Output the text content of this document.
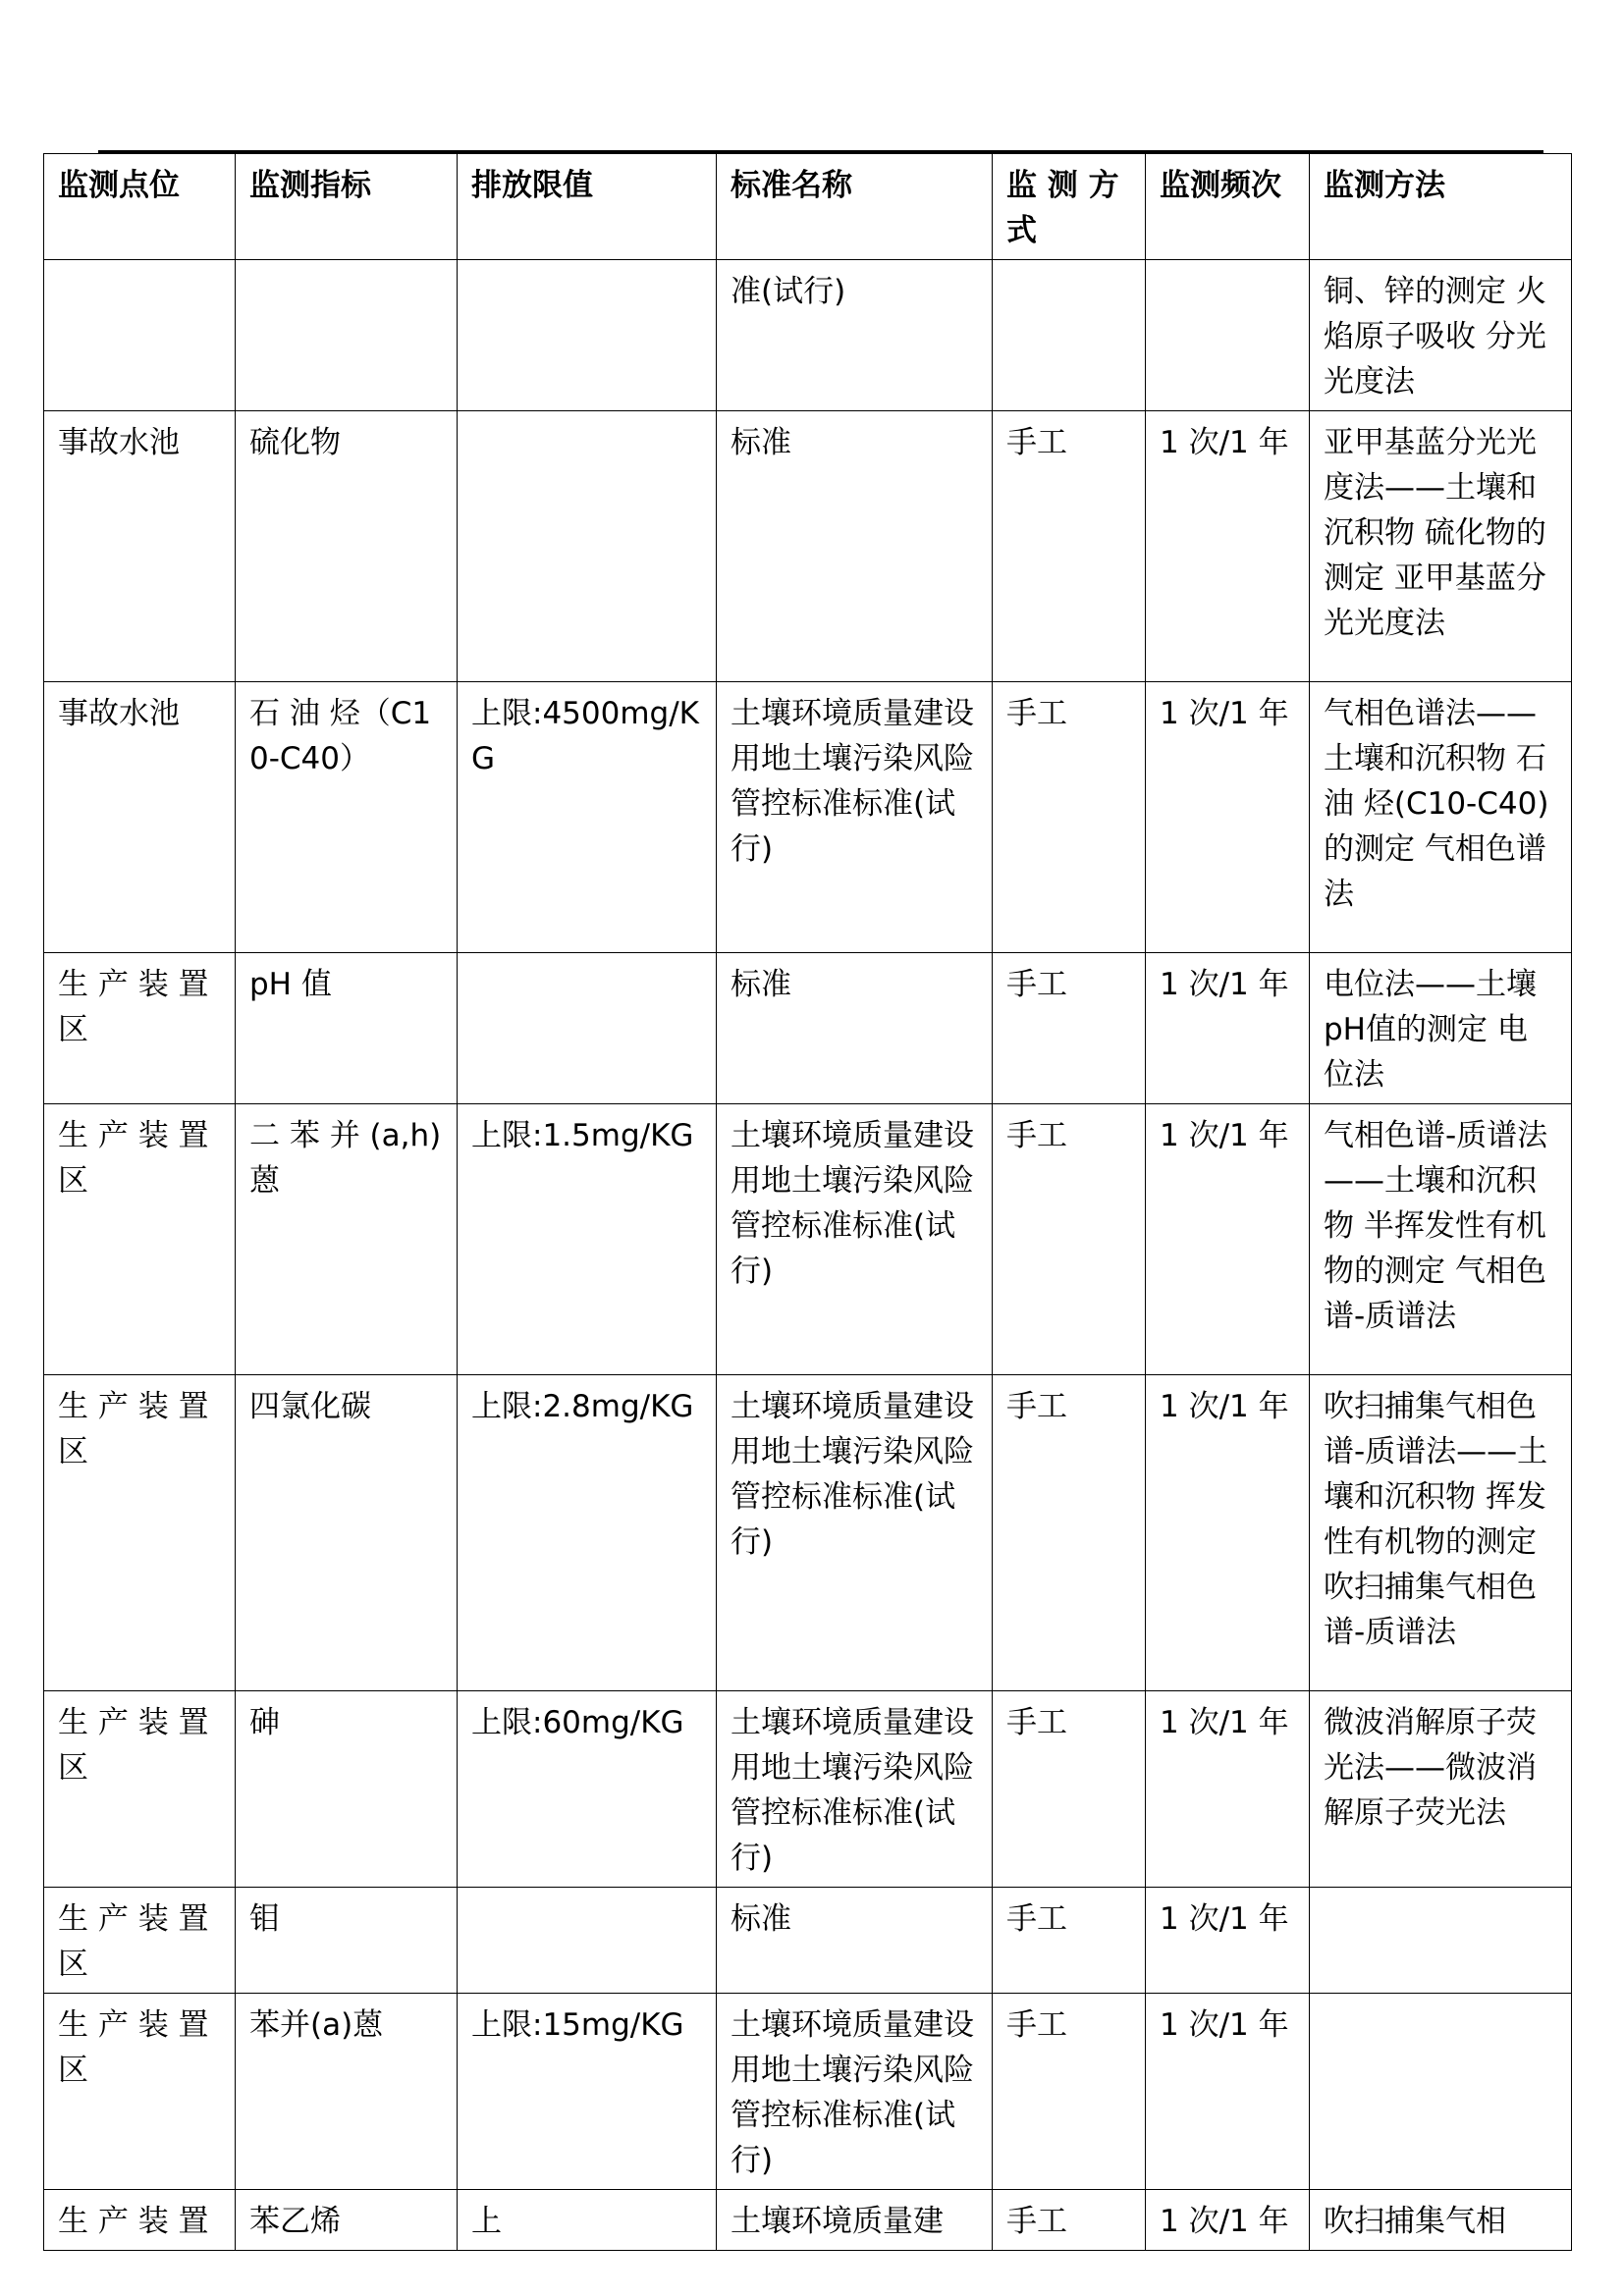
监测点位	监测指标	排放限值	标准名称	监 测 方式	监测频次	监测方法
			准(试行)			铜、锌的测定 火焰原子吸收 分光光度法
事故水池	硫化物		标准	手工	1 次/1 年	亚甲基蓝分光光度法——土壤和沉积物 硫化物的测定 亚甲基蓝分光光度法
事故水池	石 油 烃（C10-C40）	上限:4500mg/KG	土壤环境质量建设用地土壤污染风险管控标准标准(试行)	手工	1 次/1 年	气相色谱法——土壤和沉积物 石 油 烃(C10-C40) 的测定 气相色谱法
生 产 装 置区	pH 值		标准	手工	1 次/1 年	电位法——土壤 pH值的测定 电位法
生 产 装 置区	二 苯 并 (a,h)蒽	上限:1.5mg/KG	土壤环境质量建设用地土壤污染风险管控标准标准(试行)	手工	1 次/1 年	气相色谱-质谱法——土壤和沉积物 半挥发性有机物的测定 气相色谱-质谱法
生 产 装 置区	四氯化碳	上限:2.8mg/KG	土壤环境质量建设用地土壤污染风险管控标准标准(试行)	手工	1 次/1 年	吹扫捕集气相色谱-质谱法——土壤和沉积物 挥发性有机物的测定 吹扫捕集气相色谱-质谱法
生 产 装 置区	砷	上限:60mg/KG	土壤环境质量建设用地土壤污染风险管控标准标准(试行)	手工	1 次/1 年	微波消解原子荧光法——微波消解原子荧光法
生 产 装 置区	钼		标准	手工	1 次/1 年	
生 产 装 置区	苯并(a)蒽	上限:15mg/KG	土壤环境质量建设用地土壤污染风险管控标准标准(试行)	手工	1 次/1 年	
生 产 装 置	苯乙烯	上	土壤环境质量建	手工	1 次/1 年	吹扫捕集气相
